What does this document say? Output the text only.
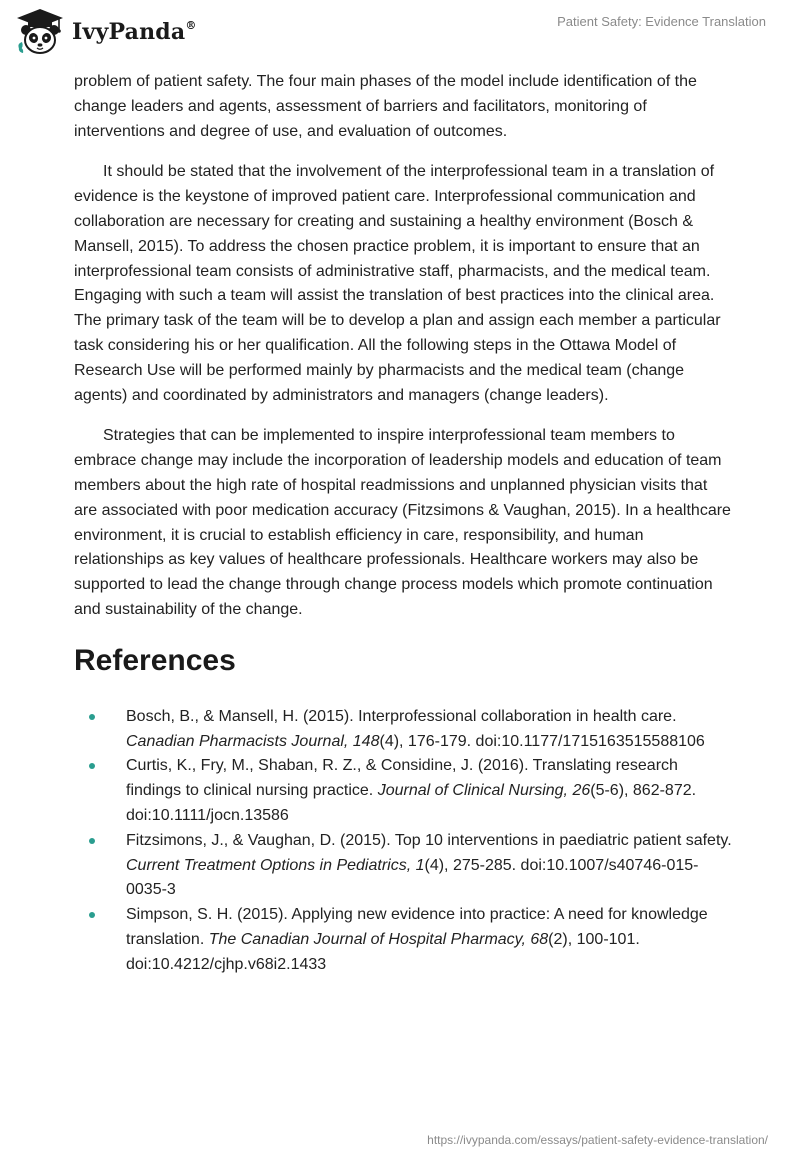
IvyPanda®	Patient Safety: Evidence Translation

problem of patient safety. The four main phases of the model include identification of the change leaders and agents, assessment of barriers and facilitators, monitoring of interventions and degree of use, and evaluation of outcomes.

It should be stated that the involvement of the interprofessional team in a translation of evidence is the keystone of improved patient care. Interprofessional communication and collaboration are necessary for creating and sustaining a healthy environment (Bosch & Mansell, 2015). To address the chosen practice problem, it is important to ensure that an interprofessional team consists of administrative staff, pharmacists, and the medical team. Engaging with such a team will assist the translation of best practices into the clinical area. The primary task of the team will be to develop a plan and assign each member a particular task considering his or her qualification. All the following steps in the Ottawa Model of Research Use will be performed mainly by pharmacists and the medical team (change agents) and coordinated by administrators and managers (change leaders).

Strategies that can be implemented to inspire interprofessional team members to embrace change may include the incorporation of leadership models and education of team members about the high rate of hospital readmissions and unplanned physician visits that are associated with poor medication accuracy (Fitzsimons & Vaughan, 2015). In a healthcare environment, it is crucial to establish efficiency in care, responsibility, and human relationships as key values of healthcare professionals. Healthcare workers may also be supported to lead the change through change process models which promote continuation and sustainability of the change.

References
Bosch, B., & Mansell, H. (2015). Interprofessional collaboration in health care. Canadian Pharmacists Journal, 148(4), 176-179. doi:10.1177/1715163515588106
Curtis, K., Fry, M., Shaban, R. Z., & Considine, J. (2016). Translating research findings to clinical nursing practice. Journal of Clinical Nursing, 26(5-6), 862-872. doi:10.1111/jocn.13586
Fitzsimons, J., & Vaughan, D. (2015). Top 10 interventions in paediatric patient safety. Current Treatment Options in Pediatrics, 1(4), 275-285. doi:10.1007/s40746-015-0035-3
Simpson, S. H. (2015). Applying new evidence into practice: A need for knowledge translation. The Canadian Journal of Hospital Pharmacy, 68(2), 100-101. doi:10.4212/cjhp.v68i2.1433
https://ivypanda.com/essays/patient-safety-evidence-translation/
